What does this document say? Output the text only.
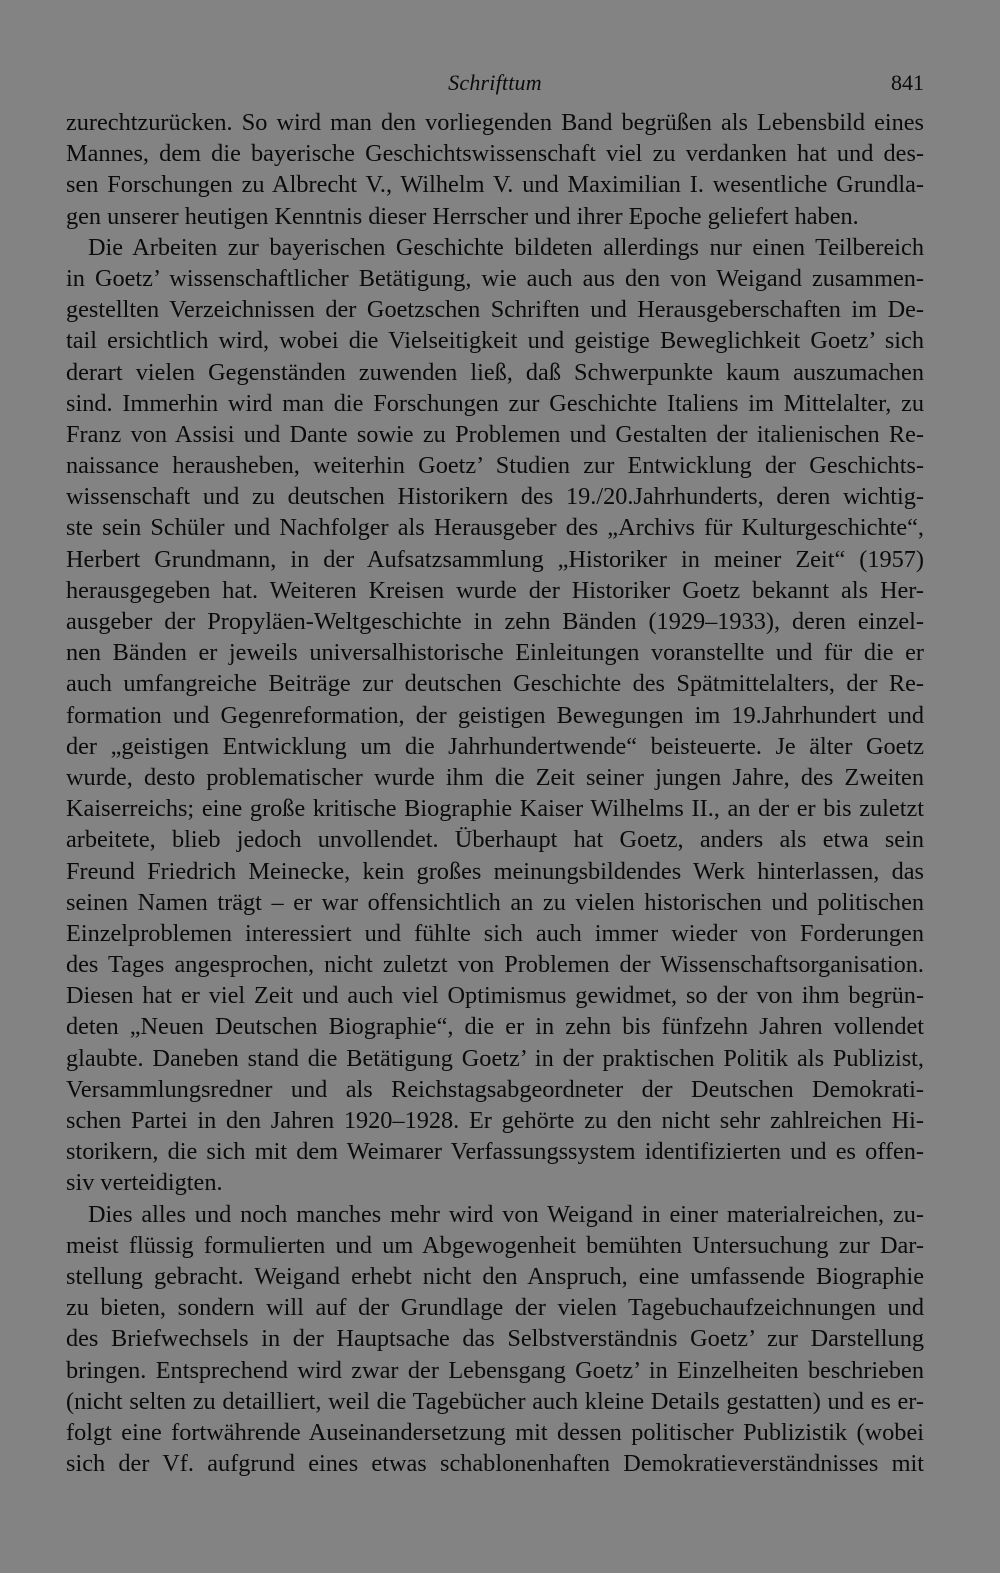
Schrifttum	841
zurechtzurücken. So wird man den vorliegenden Band begrüßen als Lebensbild eines
Mannes, dem die bayerische Geschichtswissenschaft viel zu verdanken hat und des-
sen Forschungen zu Albrecht V., Wilhelm V. und Maximilian I. wesentliche Grundla-
gen unserer heutigen Kenntnis dieser Herrscher und ihrer Epoche geliefert haben.
Die Arbeiten zur bayerischen Geschichte bildeten allerdings nur einen Teilbereich
in Goetz’ wissenschaftlicher Betätigung, wie auch aus den von Weigand zusammen-
gestellten Verzeichnissen der Goetzschen Schriften und Herausgeberschaften im De-
tail ersichtlich wird, wobei die Vielseitigkeit und geistige Beweglichkeit Goetz’ sich
derart vielen Gegenständen zuwenden ließ, daß Schwerpunkte kaum auszumachen
sind. Immerhin wird man die Forschungen zur Geschichte Italiens im Mittelalter, zu
Franz von Assisi und Dante sowie zu Problemen und Gestalten der italienischen Re-
naissance herausheben, weiterhin Goetz’ Studien zur Entwicklung der Geschichts-
wissenschaft und zu deutschen Historikern des 19./20.Jahrhunderts, deren wichtig-
ste sein Schüler und Nachfolger als Herausgeber des „Archivs für Kulturgeschichte“,
Herbert Grundmann, in der Aufsatzsammlung „Historiker in meiner Zeit“ (1957)
herausgegeben hat. Weiteren Kreisen wurde der Historiker Goetz bekannt als Her-
ausgeber der Propyläen-Weltgeschichte in zehn Bänden (1929–1933), deren einzel-
nen Bänden er jeweils universalhistorische Einleitungen voranstellte und für die er
auch umfangreiche Beiträge zur deutschen Geschichte des Spätmittelalters, der Re-
formation und Gegenreformation, der geistigen Bewegungen im 19.Jahrhundert und
der „geistigen Entwicklung um die Jahrhundertwende“ beisteuerte. Je älter Goetz
wurde, desto problematischer wurde ihm die Zeit seiner jungen Jahre, des Zweiten
Kaiserreichs; eine große kritische Biographie Kaiser Wilhelms II., an der er bis zuletzt
arbeitete, blieb jedoch unvollendet. Überhaupt hat Goetz, anders als etwa sein
Freund Friedrich Meinecke, kein großes meinungsbildendes Werk hinterlassen, das
seinen Namen trägt – er war offensichtlich an zu vielen historischen und politischen
Einzelproblemen interessiert und fühlte sich auch immer wieder von Forderungen
des Tages angesprochen, nicht zuletzt von Problemen der Wissenschaftsorganisation.
Diesen hat er viel Zeit und auch viel Optimismus gewidmet, so der von ihm begrün-
deten „Neuen Deutschen Biographie“, die er in zehn bis fünfzehn Jahren vollendet
glaubte. Daneben stand die Betätigung Goetz’ in der praktischen Politik als Publizist,
Versammlungsredner und als Reichstagsabgeordneter der Deutschen Demokrati-
schen Partei in den Jahren 1920–1928. Er gehörte zu den nicht sehr zahlreichen Hi-
storikern, die sich mit dem Weimarer Verfassungssystem identifizierten und es offen-
siv verteidigten.
Dies alles und noch manches mehr wird von Weigand in einer materialreichen, zu-
meist flüssig formulierten und um Abgewogenheit bemühten Untersuchung zur Dar-
stellung gebracht. Weigand erhebt nicht den Anspruch, eine umfassende Biographie
zu bieten, sondern will auf der Grundlage der vielen Tagebuchaufzeichnungen und
des Briefwechsels in der Hauptsache das Selbstverständnis Goetz’ zur Darstellung
bringen. Entsprechend wird zwar der Lebensgang Goetz’ in Einzelheiten beschrieben
(nicht selten zu detailliert, weil die Tagebücher auch kleine Details gestatten) und es er-
folgt eine fortwährende Auseinandersetzung mit dessen politischer Publizistik (wobei
sich der Vf. aufgrund eines etwas schablonenhaften Demokratieverständnisses mit
